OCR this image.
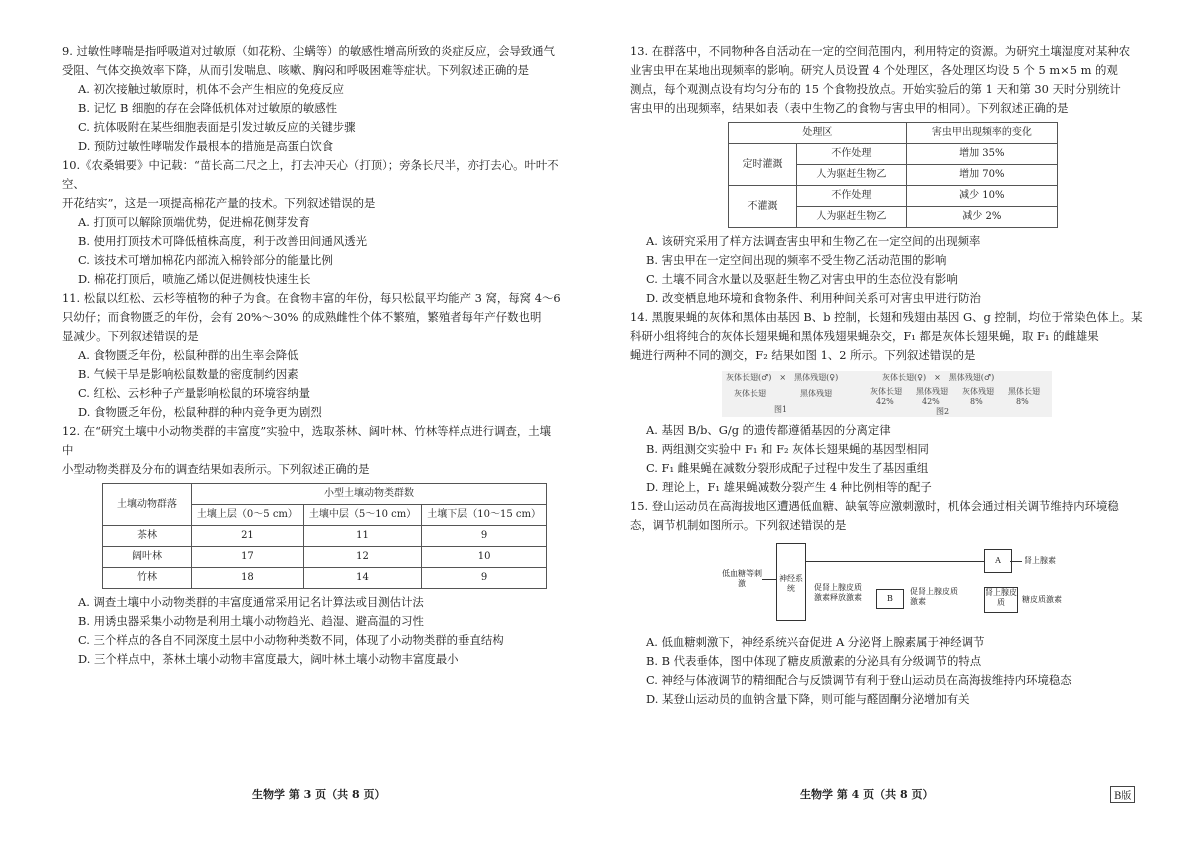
9. 过敏性哮喘是指呼吸道对过敏原（如花粉、尘螨等）的敏感性增高所致的炎症反应，会导致通气

受阻、气体交换效率下降，从而引发喘息、咳嗽、胸闷和呼吸困难等症状。下列叙述正确的是

A. 初次接触过敏原时，机体不会产生相应的免疫反应

B. 记忆 B 细胞的存在会降低机体对过敏原的敏感性

C. 抗体吸附在某些细胞表面是引发过敏反应的关键步骤

D. 预防过敏性哮喘发作最根本的措施是高蛋白饮食

10.《农桑辑要》中记载：“苗长高二尺之上，打去冲天心（打顶）；旁条长尺半，亦打去心。叶叶不空、

开花结实”，这是一项提高棉花产量的技术。下列叙述错误的是

A. 打顶可以解除顶端优势，促进棉花侧芽发育

B. 使用打顶技术可降低植株高度，利于改善田间通风透光

C. 该技术可增加棉花内部流入棉铃部分的能量比例

D. 棉花打顶后，喷施乙烯以促进侧枝快速生长

11. 松鼠以红松、云杉等植物的种子为食。在食物丰富的年份，每只松鼠平均能产 3 窝，每窝 4～6

只幼仔；而食物匮乏的年份，会有 20%～30% 的成熟雌性个体不繁殖，繁殖者每年产仔数也明

显减少。下列叙述错误的是

A. 食物匮乏年份，松鼠种群的出生率会降低

B. 气候干旱是影响松鼠数量的密度制约因素

C. 红松、云杉种子产量影响松鼠的环境容纳量

D. 食物匮乏年份，松鼠种群的种内竞争更为剧烈

12. 在“研究土壤中小动物类群的丰富度”实验中，选取茶林、阔叶林、竹林等样点进行调查，土壤中

小型动物类群及分布的调查结果如表所示。下列叙述正确的是

土壤动物群落	小型土壤动物类群数		
	土壤上层（0～5 cm）	土壤中层（5～10 cm）	土壤下层（10～15 cm）
茶林	21	11	9
阔叶林	17	12	10
竹林	18	14	9

A. 调查土壤中小动物类群的丰富度通常采用记名计算法或目测估计法

B. 用诱虫器采集小动物是利用土壤小动物趋光、趋湿、避高温的习性

C. 三个样点的各自不同深度土层中小动物种类数不同，体现了小动物类群的垂直结构

D. 三个样点中，茶林土壤小动物丰富度最大，阔叶林土壤小动物丰富度最小

生物学 第 3 页（共 8 页）

13. 在群落中，不同物种各自活动在一定的空间范围内，利用特定的资源。为研究土壤湿度对某种农

业害虫甲在某地出现频率的影响。研究人员设置 4 个处理区，各处理区均设 5 个 5 m×5 m 的观

测点，每个观测点设有均匀分布的 15 个食物投放点。开始实验后的第 1 天和第 30 天时分别统计

害虫甲的出现频率，结果如表（表中生物乙的食物与害虫甲的相同）。下列叙述正确的是

处理区		害虫甲出现频率的变化
定时灌溉	不作处理	增加 35%
	人为驱赶生物乙	增加 70%
不灌溉	不作处理	减少 10%
	人为驱赶生物乙	减少 2%

A. 该研究采用了样方法调查害虫甲和生物乙在一定空间的出现频率

B. 害虫甲在一定空间出现的频率不受生物乙活动范围的影响

C. 土壤不同含水量以及驱赶生物乙对害虫甲的生态位没有影响

D. 改变栖息地环境和食物条件、利用种间关系可对害虫甲进行防治

14. 黑腹果蝇的灰体和黑体由基因 B、b 控制，长翅和残翅由基因 G、g 控制，均位于常染色体上。某

科研小组将纯合的灰体长翅果蝇和黑体残翅果蝇杂交，F₁ 都是灰体长翅果蝇，取 F₁ 的雌雄果

蝇进行两种不同的测交，F₂ 结果如图 1、2 所示。下列叙述错误的是

灰体长翅(♂)　×　黑体残翅(♀)
灰体长翅	黑体残翅
图1
灰体长翅(♀)　×　黑体残翅(♂)
灰体长翅 黑体残翅 灰体残翅 黑体长翅
42%	42%	8%	8%
图2

A. 基因 B/b、G/g 的遗传都遵循基因的分离定律

B. 两组测交实验中 F₁ 和 F₂ 灰体长翅果蝇的基因型相同

C. F₁ 雌果蝇在减数分裂形成配子过程中发生了基因重组

D. 理论上，F₁ 雄果蝇减数分裂产生 4 种比例相等的配子

15. 登山运动员在高海拔地区遭遇低血糖、缺氧等应激刺激时，机体会通过相关调节维持内环境稳

态，调节机制如图所示。下列叙述错误的是

低血糖等刺激
神经系统
A	肾上腺素
促肾上腺皮质激素释放激素	B
促肾上腺皮质激素
肾上腺皮质	糖皮质激素

A. 低血糖刺激下，神经系统兴奋促进 A 分泌肾上腺素属于神经调节

B. B 代表垂体，图中体现了糖皮质激素的分泌具有分级调节的特点

C. 神经与体液调节的精细配合与反馈调节有利于登山运动员在高海拔维持内环境稳态

D. 某登山运动员的血钠含量下降，则可能与醛固酮分泌增加有关

生物学 第 4 页（共 8 页）	B版
